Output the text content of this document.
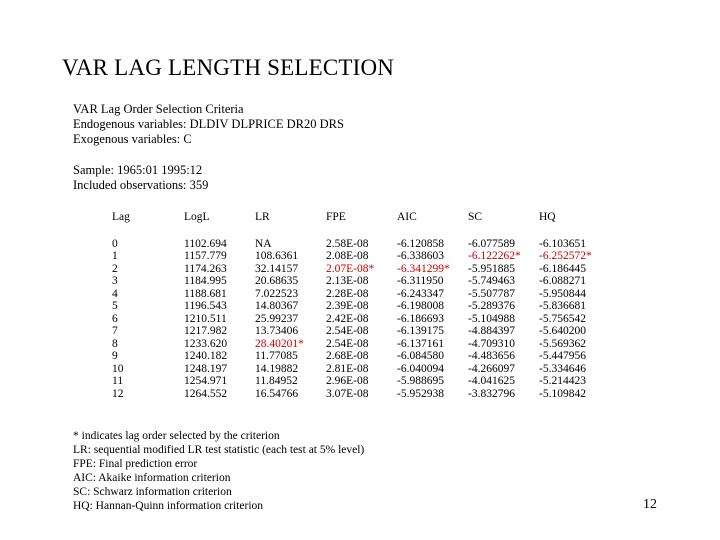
VAR LAG LENGTH SELECTION
VAR Lag Order Selection Criteria
Endogenous variables: DLDIV DLPRICE DR20 DRS
Exogenous variables: C
Sample: 1965:01 1995:12
Included observations: 359
Lag	LogL	LR	FPE	AIC	SC	HQ
0	1102.694	NA	2.58E-08	-6.120858	-6.077589	-6.103651
1	1157.779	108.6361	2.08E-08	-6.338603	-6.122262*	-6.252572*
2	1174.263	32.14157	2.07E-08*	-6.341299*	-5.951885	-6.186445
3	1184.995	20.68635	2.13E-08	-6.311950	-5.749463	-6.088271
4	1188.681	7.022523	2.28E-08	-6.243347	-5.507787	-5.950844
5	1196.543	14.80367	2.39E-08	-6.198008	-5.289376	-5.836681
6	1210.511	25.99237	2.42E-08	-6.186693	-5.104988	-5.756542
7	1217.982	13.73406	2.54E-08	-6.139175	-4.884397	-5.640200
8	1233.620	28.40201*	2.54E-08	-6.137161	-4.709310	-5.569362
9	1240.182	11.77085	2.68E-08	-6.084580	-4.483656	-5.447956
10	1248.197	14.19882	2.81E-08	-6.040094	-4.266097	-5.334646
11	1254.971	11.84952	2.96E-08	-5.988695	-4.041625	-5.214423
12	1264.552	16.54766	3.07E-08	-5.952938	-3.832796	-5.109842
* indicates lag order selected by the criterion
LR: sequential modified LR test statistic (each test at 5% level)
FPE: Final prediction error
AIC: Akaike information criterion
SC: Schwarz information criterion
HQ: Hannan-Quinn information criterion	12
